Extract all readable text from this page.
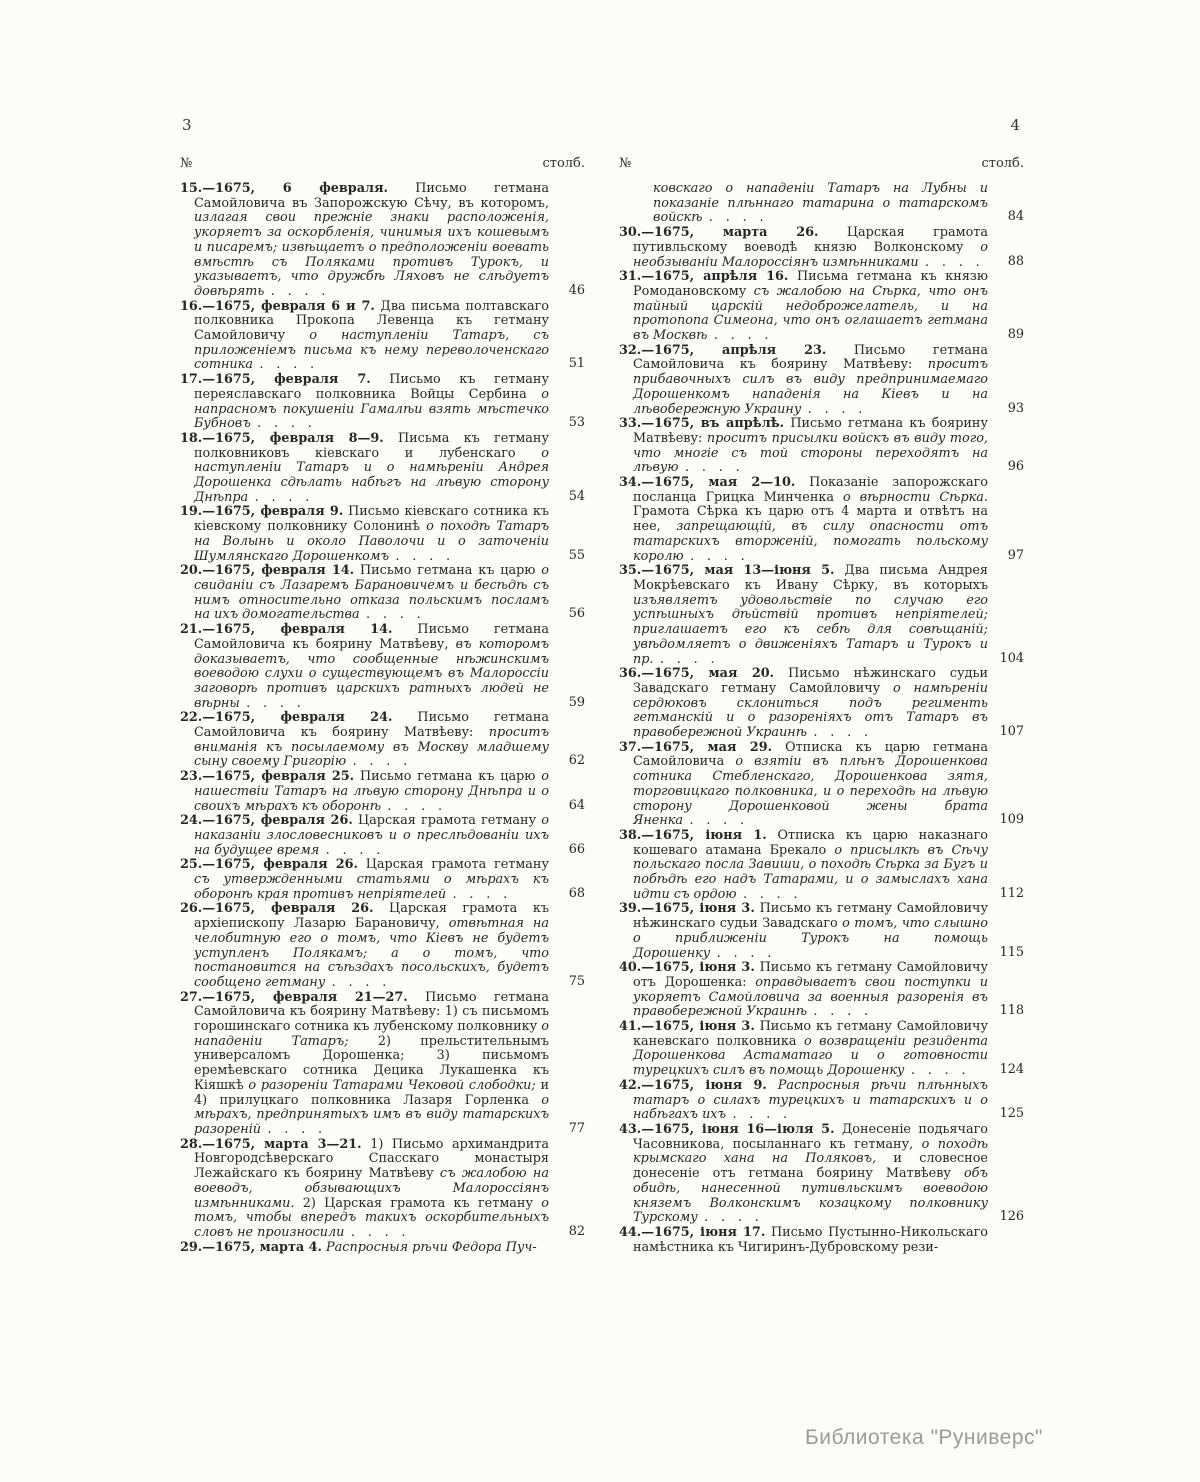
3	4
№	столб.
15.—1675, 6 февраля. Письмо гетмана Самойловича въ Запорожскую Сѣчу, въ которомъ, излагая свои прежніе знаки расположенія, укоряетъ за оскорбленія, чинимыя ихъ кошевымъ и писаремъ; извѣщаетъ о предположеніи воевать вмѣстѣ съ Поляками противъ Турокъ, и указываетъ, что дружбѣ Ляховъ не слѣдуетъ довѣрять .  .  .  .	46
16.—1675, февраля 6 и 7. Два письма полтавскаго полковника Прокопа Левенца къ гетману Самойловичу о наступленіи Татаръ, съ приложеніемъ письма къ нему переволоченскаго сотника .  .  .  .	51
17.—1675, февраля 7. Письмо къ гетману переяславскаго полковника Войцы Сербина о напрасномъ покушеніи Гамалѣи взять мѣстечко Бубновъ .  .  .  .	53
18.—1675, февраля 8—9. Письма къ гетману полковниковъ кіевскаго и лубенскаго о наступленіи Татаръ и о намѣреніи Андрея Дорошенка сдѣлать набѣгъ на лѣвую сторону Днѣпра .  .  .  .	54
19.—1675, февраля 9. Письмо кіевскаго сотника къ кіевскому полковнику Солонинѣ о походѣ Татаръ на Волынь и около Паволочи и о заточеніи Шумлянскаго Дорошенкомъ .  .  .  .	55
20.—1675, февраля 14. Письмо гетмана къ царю о свиданіи съ Лазаремъ Барановичемъ и бесѣдѣ съ нимъ относительно отказа польскимъ посламъ на ихъ домогательства .  .  .  .	56
21.—1675, февраля 14. Письмо гетмана Самойловича къ боярину Матвѣеву, въ которомъ доказываетъ, что сообщенные нѣжинскимъ воеводою слухи о существующемъ въ Малороссіи заговорѣ противъ царскихъ ратныхъ людей не вѣрны .  .  .  .	59
22.—1675, февраля 24. Письмо гетмана Самойловича къ боярину Матвѣеву: проситъ вниманія къ посылаемому въ Москву младшему сыну своему Григорію .  .  .  .	62
23.—1675, февраля 25. Письмо гетмана къ царю о нашествіи Татаръ на лѣвую сторону Днѣпра и о своихъ мѣрахъ къ оборонѣ .  .  .  .	64
24.—1675, февраля 26. Царская грамота гетману о наказаніи злословесниковъ и о преслѣдованіи ихъ на будущее время .  .  .  .	66
25.—1675, февраля 26. Царская грамота гетману съ утвержденными статьями о мѣрахъ къ оборонѣ края противъ непріятелей .  .  .  .	68
26.—1675, февраля 26. Царская грамота къ архіепископу Лазарю Барановичу, отвѣтная на челобитную его о томъ, что Кіевъ не будетъ уступленъ Полякамъ; а о томъ, что постановится на съѣздахъ посольскихъ, будетъ сообщено гетману .  .  .  .	75
27.—1675, февраля 21—27. Письмо гетмана Самойловича къ боярину Матвѣеву: 1) съ письмомъ горошинскаго сотника къ лубенскому полковнику о нападеніи Татаръ; 2) прельстительнымъ универсаломъ Дорошенка; 3) письмомъ еремѣевскаго сотника Децика Лукашенка къ Кіяшкѣ о разореніи Татарами Чековой слободки; и 4) прилуцкаго полковника Лазаря Горленка о мѣрахъ, предпринятыхъ имъ въ виду татарскихъ разореній .  .  .  .	77
28.—1675, марта 3—21. 1) Письмо архимандрита Новгородсѣверскаго Спасскаго монастыря Лежайскаго къ боярину Матвѣеву съ жалобою на воеводъ, обзывающихъ Малороссіянъ измѣнниками. 2) Царская грамота къ гетману о томъ, чтобы впередъ такихъ оскорбительныхъ словъ не произносили .  .  .  .	82
29.—1675, марта 4. Распросныя рѣчи Федора Пуч-
№	столб.
ковскаго о нападеніи Татаръ на Лубны и показаніе плѣннаго татарина о татарскомъ войскѣ .  .  .  .	84
30.—1675, марта 26. Царская грамота путивльскому воеводѣ князю Волконскому о необзываніи Малороссіянъ измѣнниками .  .  .  . 88
31.—1675, апрѣля 16. Письма гетмана къ князю Ромодановскому съ жалобою на Сѣрка, что онъ тайный царскій недоброжелатель, и на протопопа Симеона, что онъ оглашаетъ гетмана въ Москвѣ .  .  .  .	89
32.—1675, апрѣля 23. Письмо гетмана Самойловича къ боярину Матвѣеву: проситъ прибавочныхъ силъ въ виду предпринимаемаго Дорошенкомъ нападенія на Кіевъ и на лѣвобережную Украину .  .  .  .	93
33.—1675, въ апрѣлѣ. Письмо гетмана къ боярину Матвѣеву: проситъ присылки войскъ въ виду того, что многіе съ той стороны переходятъ на лѣвую .  .  .  .	96
34.—1675, мая 2—10. Показаніе запорожскаго посланца Грицка Минченка о вѣрности Сѣрка. Грамота Сѣрка къ царю отъ 4 марта и отвѣтъ на нее, запрещающій, въ силу опасности отъ татарскихъ вторженій, помогать польскому королю .  .  .  .	97
35.—1675, мая 13—іюня 5. Два письма Андрея Мокрѣевскаго къ Ивану Сѣрку, въ которыхъ изъявляетъ удовольствіе по случаю его успѣшныхъ дѣйствій противъ непріятелей; приглашаетъ его къ себѣ для совѣщаній; увѣдомляетъ о движеніяхъ Татаръ и Турокъ и пр. .  .  .  .	104
36.—1675, мая 20. Письмо нѣжинскаго судьи Завадскаго гетману Самойловичу о намѣреніи сердюковъ склониться подъ регименть гетманскій и о разореніяхъ отъ Татаръ въ правобережной Украинѣ .  .  .  .	107
37.—1675, мая 29. Отписка къ царю гетмана Самойловича о взятіи въ плѣнъ Дорошенкова сотника Стебленскаго, Дорошенкова зятя, торговицкаго полковника, и о переходѣ на лѣвую сторону Дорошенковой жены брата Яненка .  .  .  .	109
38.—1675, іюня 1. Отписка къ царю наказнаго кошеваго атамана Брекало о присылкѣ въ Сѣчу польскаго посла Завиши, о походѣ Сѣрка за Бугъ и побѣдѣ его надъ Татарами, и о замыслахъ хана идти съ ордою .  .  .  .	112
39.—1675, іюня 3. Письмо къ гетману Самойловичу нѣжинскаго судьи Завадскаго о томъ, что слышно о приближеніи Турокъ на помощь Дорошенку .  .  .  .	115
40.—1675, іюня 3. Письмо къ гетману Самойловичу отъ Дорошенка: оправдываетъ свои поступки и укоряетъ Самойловича за военныя разоренія въ правобережной Украинѣ .  .  .  .	118
41.—1675, іюня 3. Письмо къ гетману Самойловичу каневскаго полковника о возвращеніи резидента Дорошенкова Астаматаго и о готовности турецкихъ силъ въ помощь Дорошенку .  .  .  .	124
42.—1675, іюня 9. Распросныя рѣчи плѣнныхъ татаръ о силахъ турецкихъ и татарскихъ и о набѣгахъ ихъ .  .  .  .	125
43.—1675, іюня 16—іюля 5. Донесеніе подьячаго Часовникова, посыланнаго къ гетману, о походѣ крымскаго хана на Поляковъ, и словесное донесеніе отъ гетмана боярину Матвѣеву объ обидѣ, нанесенной путивльскимъ воеводою княземъ Волконскимъ козацкому полковнику Турскому .  .  .  .	126
44.—1675, іюня 17. Письмо Пустынно-Никольскаго намѣстника къ Чигиринъ-Дубровскому рези-
Библиотека "Руниверс"
